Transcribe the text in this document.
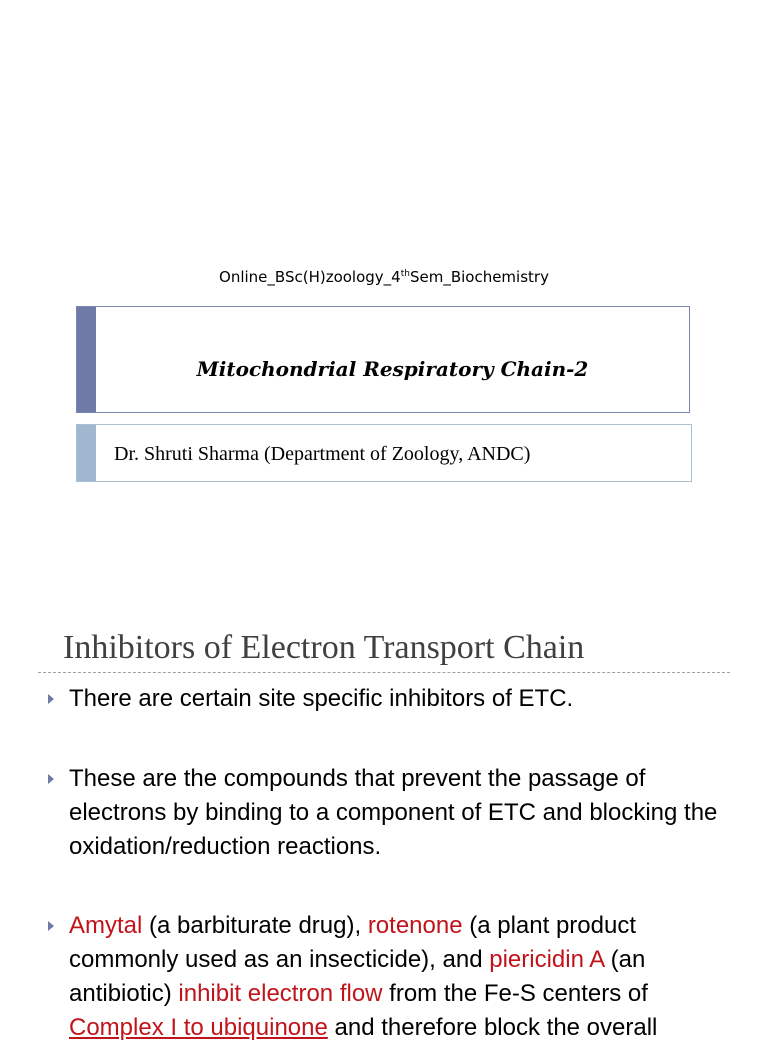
Online_BSc(H)zoology_4thSem_Biochemistry
Mitochondrial Respiratory Chain-2
Dr. Shruti Sharma (Department of Zoology, ANDC)
Inhibitors of Electron Transport Chain
There are certain site specific inhibitors of ETC.
These are the compounds that prevent the passage of electrons by binding to a component of ETC and blocking the oxidation/reduction reactions.
Amytal (a barbiturate drug), rotenone (a plant product commonly used as an insecticide), and piericidin A (an antibiotic) inhibit electron flow from the Fe-S centers of Complex I to ubiquinone and therefore block the overall
